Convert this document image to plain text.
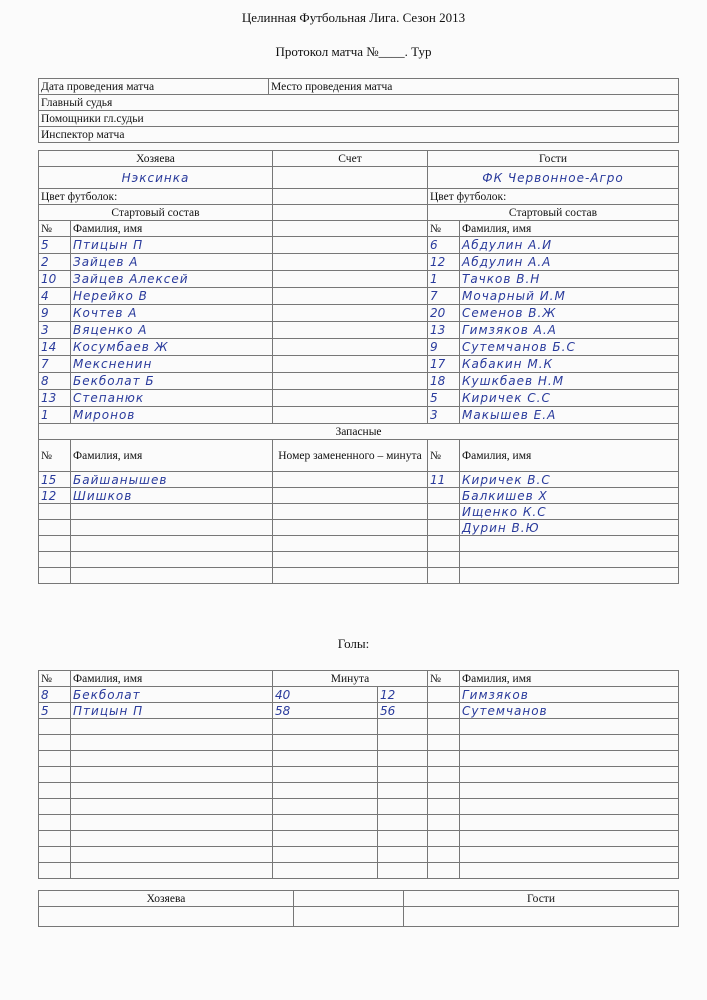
Целинная Футбольная Лига. Сезон 2013
Протокол матча №____. Тур
Дата проведения матча	Место проведения матча
Главный судья
Помощники гл.судьи
Инспектор матча
Хозяева		Счет	Гости	
Нэксинка			ФК Червонное-Агро	
Цвет футболок:			Цвет футболок:	
Стартовый состав			Стартовый состав	
№	Фамилия, имя		№	Фамилия, имя
5	Птицын П		6	Абдулин А.И
2	Зайцев А		12	Абдулин А.А
10	Зайцев Алексей		1	Тачков В.Н
4	Нерейко В		7	Мочарный И.М
9	Кочтев А		20	Семенов В.Ж
3	Вяценко А		13	Гимзяков А.А
14	Косумбаев Ж		9	Сутемчанов Б.С
7	Мексненин		17	Кабакин М.К
8	Бекболат Б		18	Кушкбаев Н.М
13	Степанюк		5	Киричек С.С
1	Миронов		3	Макышев Е.А
Запасные				
№	Фамилия, имя	Номер замененного – минута	№	Фамилия, имя
15	Байшанышев		11	Киричек В.С
12	Шишков			Балкишев Х
				Ищенко К.С
				Дурин В.Ю

Голы:
№	Фамилия, имя	Минута		№	Фамилия, имя
8	Бекболат	40	12		Гимзяков
5	Птицын П	58	56		Сутемчанов

Хозяева		Гости
